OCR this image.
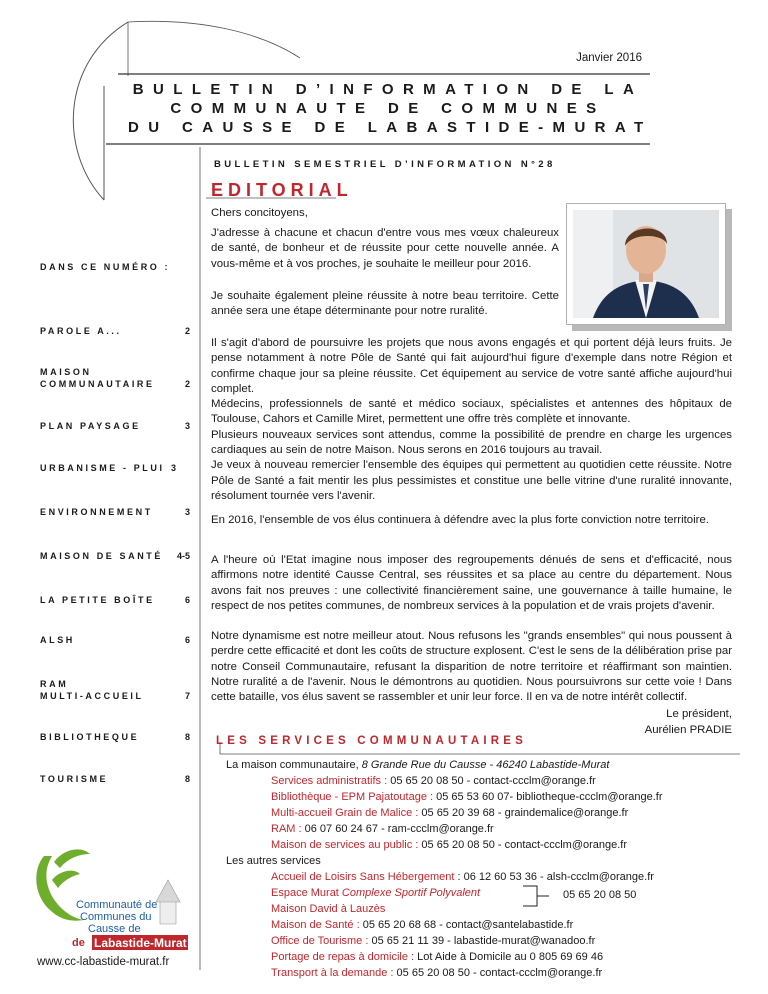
Janvier 2016
BULLETIN D’INFORMATION DE LA
COMMUNAUTE DE COMMUNES
DU CAUSSE DE LABASTIDE-MURAT
BULLETIN SEMESTRIEL D’INFORMATION N°28
EDITORIAL
Chers concitoyens,
J'adresse à chacune et chacun d'entre vous mes vœux chaleureux de santé, de bonheur et de réussite pour cette nouvelle année. A vous-même et à vos proches, je souhaite le meilleur pour 2016.
Je souhaite également pleine réussite à notre beau territoire. Cette année sera une étape déterminante pour notre ruralité.
Il s'agit d'abord de poursuivre les projets que nous avons engagés et qui portent déjà leurs fruits. Je pense notamment à notre Pôle de Santé qui fait aujourd'hui figure d'exemple dans notre Région et confirme chaque jour sa pleine réussite. Cet équipement au service de votre santé affiche aujourd'hui complet.
Médecins, professionnels de santé et médico sociaux, spécialistes et antennes des hôpitaux de Toulouse, Cahors et Camille Miret, permettent une offre très complète et innovante.
Plusieurs nouveaux services sont attendus, comme la possibilité de prendre en charge les urgences cardiaques au sein de notre Maison. Nous serons en 2016 toujours au travail.
Je veux à nouveau remercier l'ensemble des équipes qui permettent au quotidien cette réussite. Notre Pôle de Santé a fait mentir les plus pessimistes et constitue une belle vitrine d'une ruralité innovante, résolument tournée vers l'avenir.
En 2016, l'ensemble de vos élus continuera à défendre avec la plus forte conviction notre territoire.
A l'heure où l'Etat imagine nous imposer des regroupements dénués de sens et d'efficacité, nous affirmons notre identité Causse Central, ses réussites et sa place au centre du département. Nous avons fait nos preuves : une collectivité financièrement saine, une gouvernance à taille humaine, le respect de nos petites communes, de nombreux services à la population et de vrais projets d'avenir.
Notre dynamisme est notre meilleur atout. Nous refusons les "grands ensembles" qui nous poussent à perdre cette efficacité et dont les coûts de structure explosent. C'est le sens de la délibération prise par notre Conseil Communautaire, refusant la disparition de notre territoire et réaffirmant son maintien. Notre ruralité a de l'avenir. Nous le démontrons au quotidien. Nous poursuivrons sur cette voie ! Dans cette bataille, vos élus savent se rassembler et unir leur force. Il en va de notre intérêt collectif.
Le président,
Aurélien PRADIE
LES SERVICES COMMUNAUTAIRES
La maison communautaire, 8 Grande Rue du Causse - 46240 Labastide-Murat
Services administratifs : 05 65 20 08 50 - contact-ccclm@orange.fr
Bibliothèque - EPM Pajatoutage : 05 65 53 60 07- bibliotheque-ccclm@orange.fr
Multi-accueil Grain de Malice : 05 65 20 39 68 - graindemalice@orange.fr
RAM : 06 07 60 24 67 - ram-ccclm@orange.fr
Maison de services au public : 05 65 20 08 50 - contact-ccclm@orange.fr
Les autres services
Accueil de Loisirs Sans Hébergement : 06 12 60 53 36 - alsh-ccclm@orange.fr
Espace Murat Complexe Sportif Polyvalent
Maison David à Lauzès
05 65 20 08 50
Maison de Santé : 05 65 20 68 68 - contact@santelabastide.fr
Office de Tourisme : 05 65 21 11 39 - labastide-murat@wanadoo.fr
Portage de repas à domicile : Lot Aide à Domicile au 0 805 69 69 46
Transport à la demande : 05 65 20 08 50 - contact-ccclm@orange.fr
DANS CE NUMÉRO :
PAROLE A...	2
MAISON
COMMUNAUTAIRE	2
PLAN PAYSAGE	3
URBANISME - PLUI 3
ENVIRONNEMENT	3
MAISON DE SANTÉ 4-5
LA PETITE BOÎTE	6
ALSH	6
RAM
MULTI-ACCUEIL	7
BIBLIOTHEQUE	8
TOURISME	8
Communauté de
Communes du
Causse de
de Labastide-Murat
www.cc-labastide-murat.fr
